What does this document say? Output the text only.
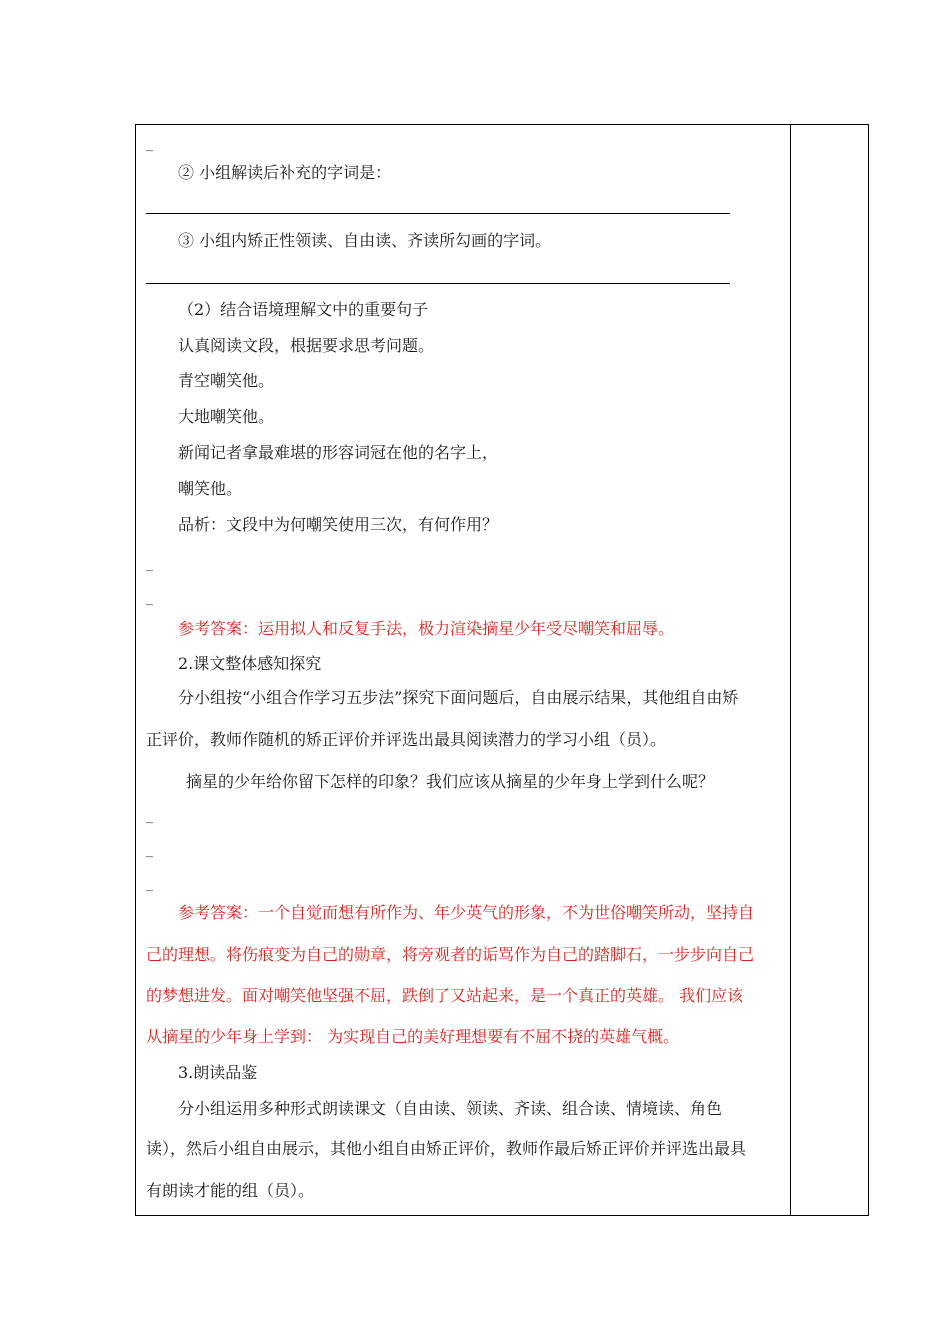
_
② 小组解读后补充的字词是：
③ 小组内矫正性领读、自由读、齐读所勾画的字词。
（2）结合语境理解文中的重要句子
认真阅读文段，根据要求思考问题。
青空嘲笑他。
大地嘲笑他。
新闻记者拿最难堪的形容词冠在他的名字上，
嘲笑他。
品析：文段中为何嘲笑使用三次，有何作用？
_
_
参考答案：运用拟人和反复手法，极力渲染摘星少年受尽嘲笑和屈辱。
2.课文整体感知探究
分小组按“小组合作学习五步法”探究下面问题后，自由展示结果，其他组自由矫
正评价，教师作随机的矫正评价并评选出最具阅读潜力的学习小组（员）。
摘星的少年给你留下怎样的印象？我们应该从摘星的少年身上学到什么呢？
_
_
_
参考答案：一个自觉而想有所作为、年少英气的形象，不为世俗嘲笑所动，坚持自
己的理想。将伤痕变为自己的勋章，将旁观者的诟骂作为自己的踏脚石，一步步向自己
的梦想进发。面对嘲笑他坚强不屈，跌倒了又站起来，是一个真正的英雄。 我们应该
从摘星的少年身上学到： 为实现自己的美好理想要有不屈不挠的英雄气概。
3.朗读品鉴
分小组运用多种形式朗读课文（自由读、领读、齐读、组合读、情境读、角色
读），然后小组自由展示，其他小组自由矫正评价，教师作最后矫正评价并评选出最具
有朗读才能的组（员）。
